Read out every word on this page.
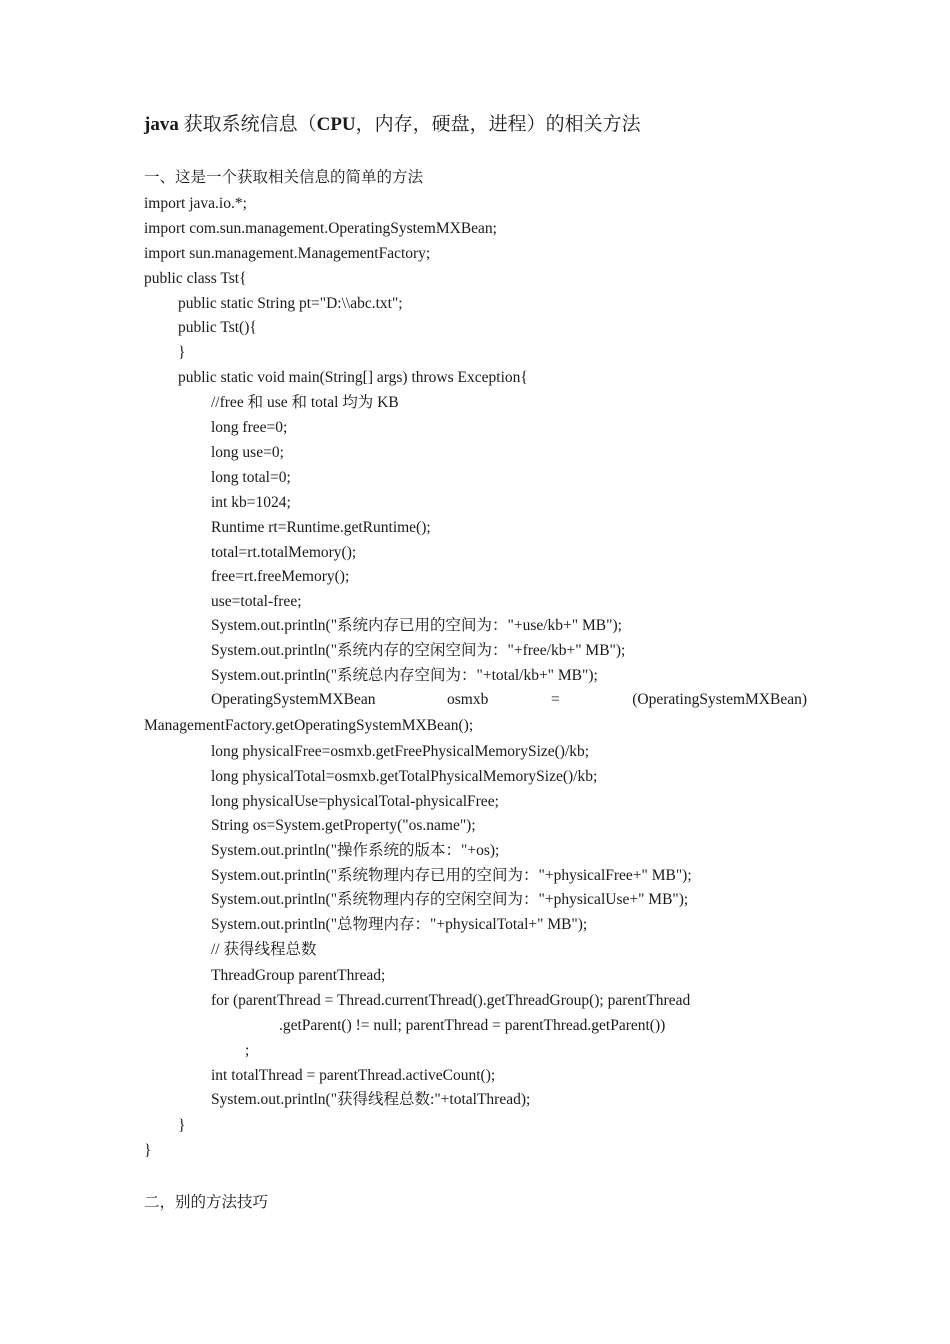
java 获取系统信息（CPU，内存，硬盘，进程）的相关方法
一、这是一个获取相关信息的简单的方法
import java.io.*;
import com.sun.management.OperatingSystemMXBean;
import sun.management.ManagementFactory;
public class Tst{
public static String pt="D:\\abc.txt";
public Tst(){
}
public static void main(String[] args) throws Exception{
//free 和 use 和 total 均为 KB
long free=0;
long use=0;
long total=0;
int kb=1024;
Runtime rt=Runtime.getRuntime();
total=rt.totalMemory();
free=rt.freeMemory();
use=total-free;
System.out.println("系统内存已用的空间为："+use/kb+" MB");
System.out.println("系统内存的空闲空间为："+free/kb+" MB");
System.out.println("系统总内存空间为："+total/kb+" MB");
OperatingSystemMXBean	osmxb	=	(OperatingSystemMXBean)
ManagementFactory.getOperatingSystemMXBean();
long physicalFree=osmxb.getFreePhysicalMemorySize()/kb;
long physicalTotal=osmxb.getTotalPhysicalMemorySize()/kb;
long physicalUse=physicalTotal-physicalFree;
String os=System.getProperty("os.name");
System.out.println("操作系统的版本："+os);
System.out.println("系统物理内存已用的空间为："+physicalFree+" MB");
System.out.println("系统物理内存的空闲空间为："+physicalUse+" MB");
System.out.println("总物理内存："+physicalTotal+" MB");
// 获得线程总数
ThreadGroup parentThread;
for (parentThread = Thread.currentThread().getThreadGroup(); parentThread
.getParent() != null; parentThread = parentThread.getParent())
;
int totalThread = parentThread.activeCount();
System.out.println("获得线程总数:"+totalThread);
}
}
二，别的方法技巧
